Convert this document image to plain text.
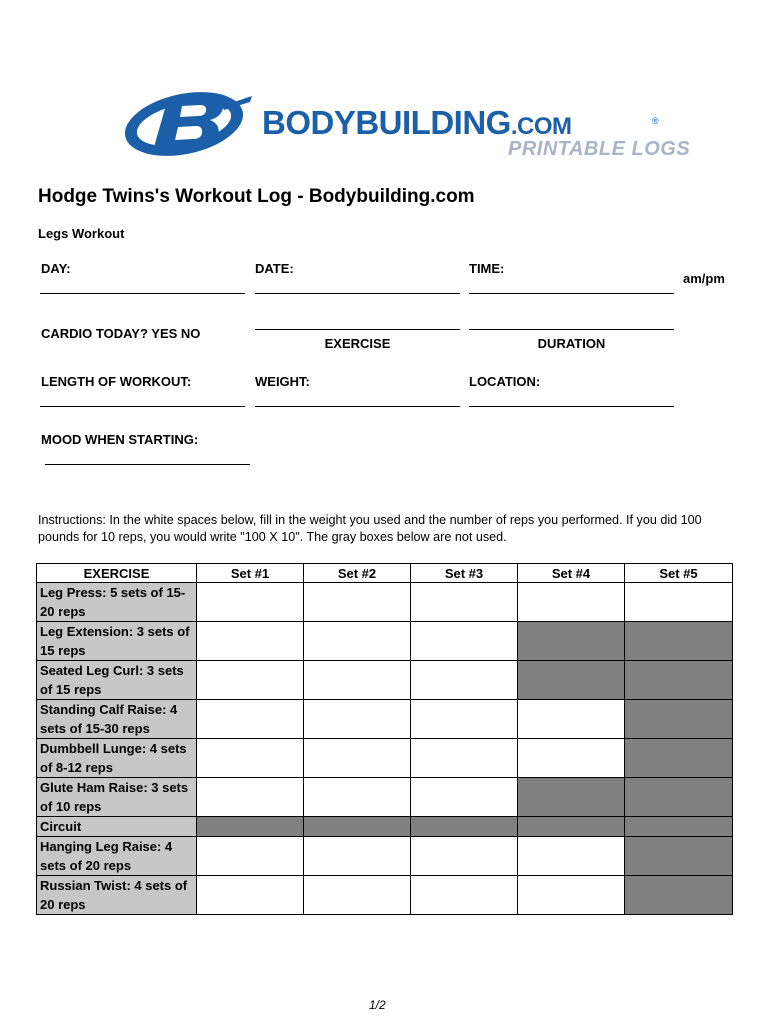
BODYBUILDING.COM	®
PRINTABLE LOGS
Hodge Twins's Workout Log - Bodybuilding.com
Legs Workout
DAY:	DATE:	TIME:
am/pm
CARDIO TODAY? YES NO
EXERCISE	DURATION
LENGTH OF WORKOUT:	WEIGHT:	LOCATION:
MOOD WHEN STARTING:
Instructions: In the white spaces below, fill in the weight you used and the number of reps you performed. If you did 100 pounds for 10 reps, you would write "100 X 10". The gray boxes below are not used.
EXERCISE	Set #1	Set #2	Set #3	Set #4	Set #5
Leg Press: 5 sets of 15-20 reps					
Leg Extension: 3 sets of 15 reps					
Seated Leg Curl: 3 sets of 15 reps					
Standing Calf Raise: 4 sets of 15-30 reps					
Dumbbell Lunge: 4 sets of 8-12 reps					
Glute Ham Raise: 3 sets of 10 reps					
Circuit					
Hanging Leg Raise: 4 sets of 20 reps					
Russian Twist: 4 sets of 20 reps					
1/2
